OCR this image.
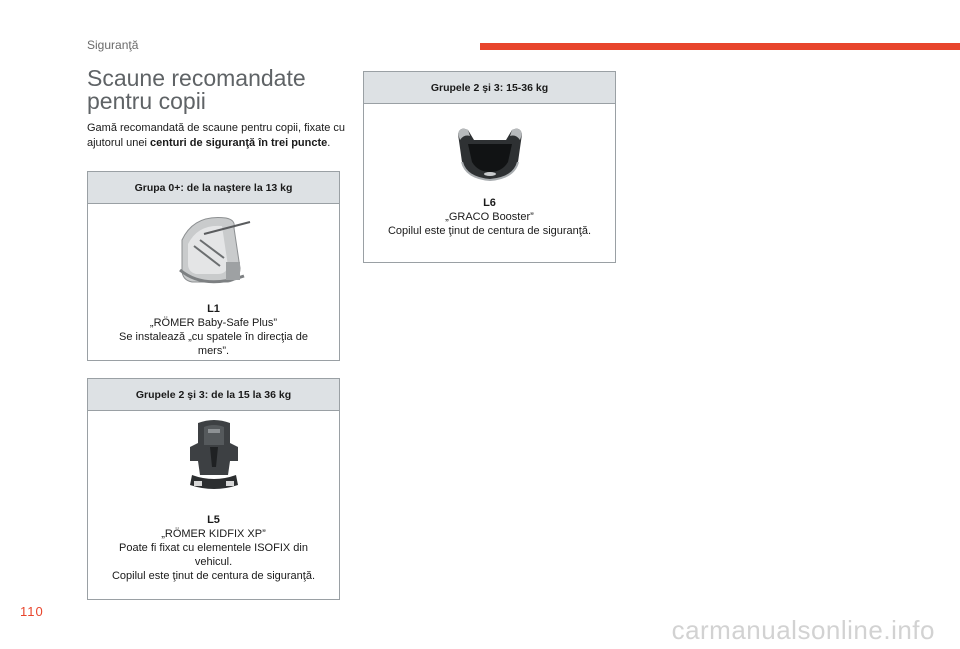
Siguranţă
Scaune recomandate
pentru copii
Gamă recomandată de scaune pentru copii, fixate cu ajutorul unei centuri de siguranţă în trei puncte.
Grupa 0+: de la naştere la 13 kg
L1
„RÖMER Baby-Safe Plus”
Se instalează „cu spatele în direcţia de mers”.
Grupele 2 şi 3: de la 15 la 36 kg
L5
„RÖMER KIDFIX XP”
Poate fi fixat cu elementele ISOFIX din vehicul.
Copilul este ţinut de centura de siguranţă.
Grupele 2 şi 3: 15-36 kg
L6
„GRACO Booster”
Copilul este ţinut de centura de siguranţă.
110
carmanualsonline.info
